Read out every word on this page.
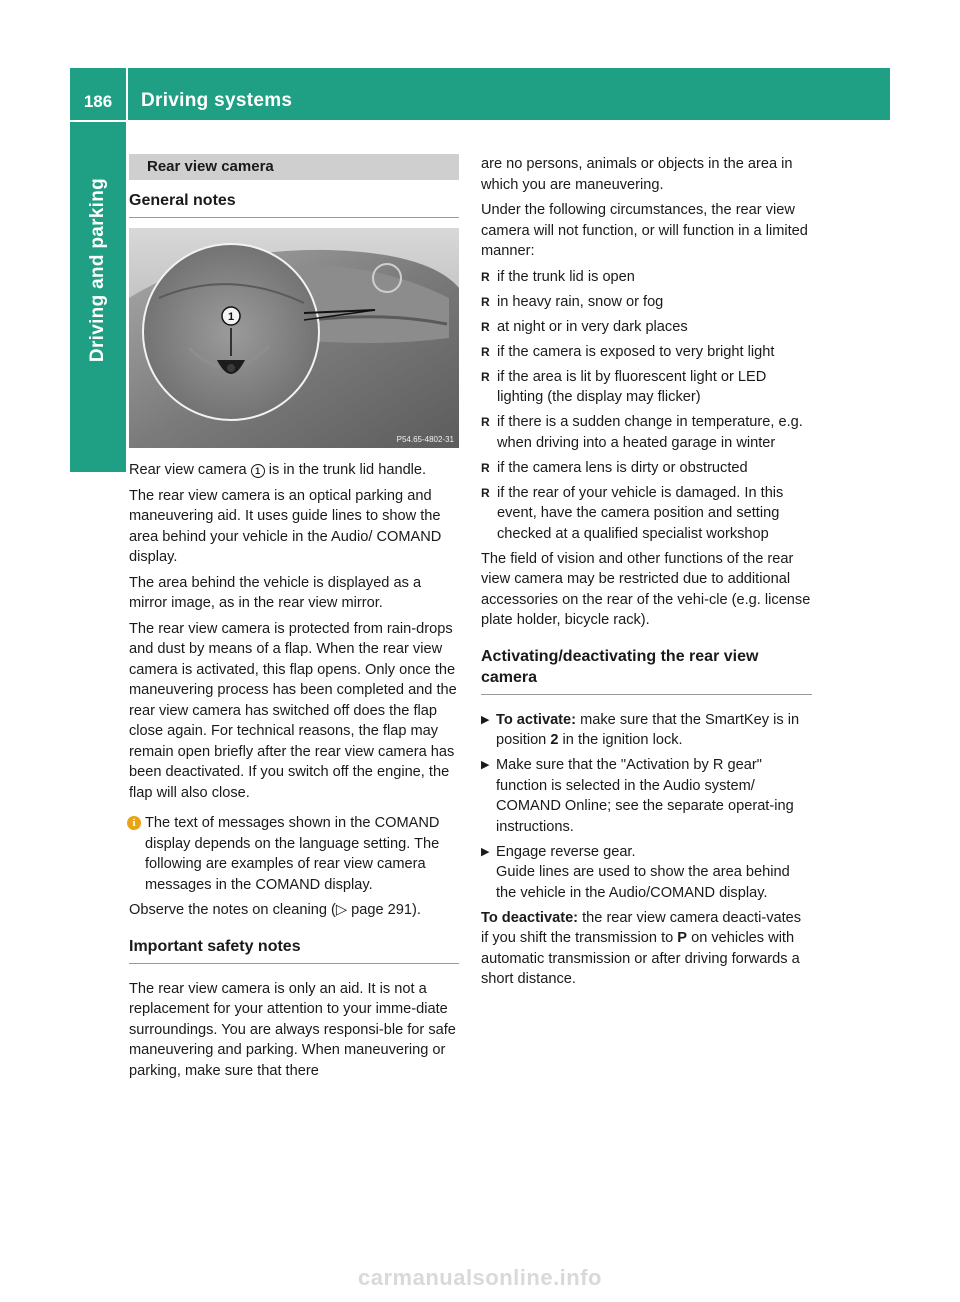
186	Driving systems
Driving and parking
Rear view camera
General notes
1
P54.65-4802-31

Rear view camera 1 is in the trunk lid handle.

The rear view camera is an optical parking and maneuvering aid. It uses guide lines to show the area behind your vehicle in the Audio/ COMAND display.

The area behind the vehicle is displayed as a mirror image, as in the rear view mirror.

The rear view camera is protected from rain-drops and dust by means of a flap. When the rear view camera is activated, this flap opens. Only once the maneuvering process has been completed and the rear view camera has switched off does the flap close again. For technical reasons, the flap may remain open briefly after the rear view camera has been deactivated. If you switch off the engine, the flap will also close.

i The text of messages shown in the COMAND display depends on the language setting. The following are examples of rear view camera messages in the COMAND display.

Observe the notes on cleaning (▷ page 291).

Important safety notes

The rear view camera is only an aid. It is not a replacement for your attention to your imme-diate surroundings. You are always responsi-ble for safe maneuvering and parking. When maneuvering or parking, make sure that there

are no persons, animals or objects in the area in which you are maneuvering.

Under the following circumstances, the rear view camera will not function, or will function in a limited manner:

R if the trunk lid is open
R in heavy rain, snow or fog
R at night or in very dark places
R if the camera is exposed to very bright light
R if the area is lit by fluorescent light or LED lighting (the display may flicker)
R if there is a sudden change in temperature, e.g. when driving into a heated garage in winter
R if the camera lens is dirty or obstructed
R if the rear of your vehicle is damaged. In this event, have the camera position and setting checked at a qualified specialist workshop

The field of vision and other functions of the rear view camera may be restricted due to additional accessories on the rear of the vehi-cle (e.g. license plate holder, bicycle rack).

Activating/deactivating the rear view camera
▶ To activate: make sure that the SmartKey is in position 2 in the ignition lock.
▶ Make sure that the "Activation by R gear" function is selected in the Audio system/ COMAND Online; see the separate operat-ing instructions.
▶ Engage reverse gear.
Guide lines are used to show the area behind the vehicle in the Audio/COMAND display.

To deactivate: the rear view camera deacti-vates if you shift the transmission to P on vehicles with automatic transmission or after driving forwards a short distance.

carmanualsonline.info
